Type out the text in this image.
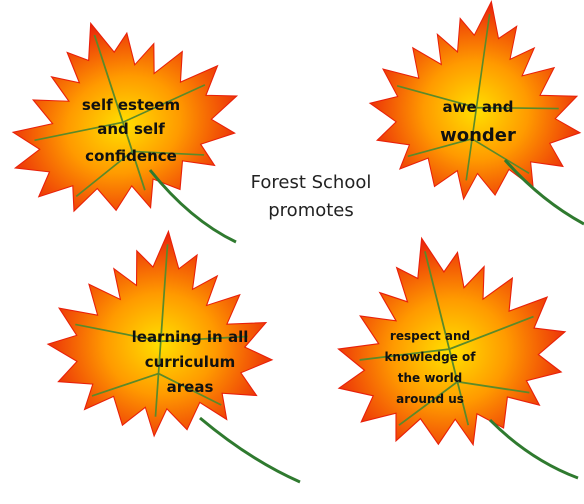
self esteem
and self
confidence
awe and
wonder
learning in all
curriculum
areas
respect and
knowledge of
the world
around us
Forest School
promotes
